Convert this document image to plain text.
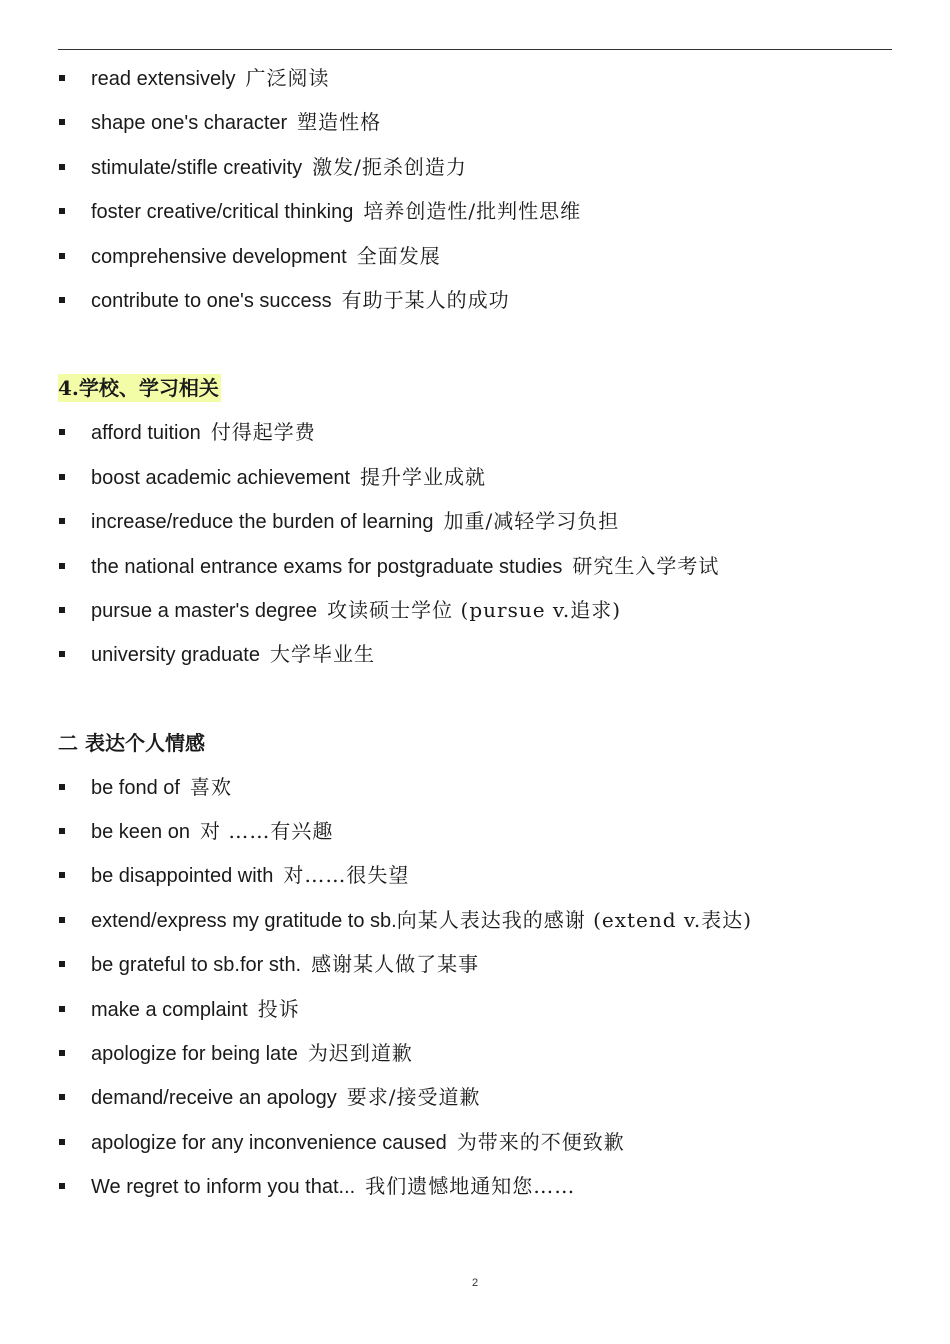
read extensively 广泛阅读
shape one's character 塑造性格
stimulate/stifle creativity 激发/扼杀创造力
foster creative/critical thinking 培养创造性/批判性思维
comprehensive development 全面发展
contribute to one's success 有助于某人的成功
4.学校、学习相关
afford tuition 付得起学费
boost academic achievement 提升学业成就
increase/reduce the burden of learning 加重/减轻学习负担
the national entrance exams for postgraduate studies 研究生入学考试
pursue a master's degree 攻读硕士学位 (pursue v.追求)
university graduate 大学毕业生
二 表达个人情感
be fond of 喜欢
be keen on 对 ……有兴趣
be disappointed with 对……很失望
extend/express my gratitude to sb.向某人表达我的感谢 (extend v.表达)
be grateful to sb.for sth. 感谢某人做了某事
make a complaint 投诉
apologize for being late 为迟到道歉
demand/receive an apology 要求/接受道歉
apologize for any inconvenience caused 为带来的不便致歉
We regret to inform you that... 我们遗憾地通知您……
2
